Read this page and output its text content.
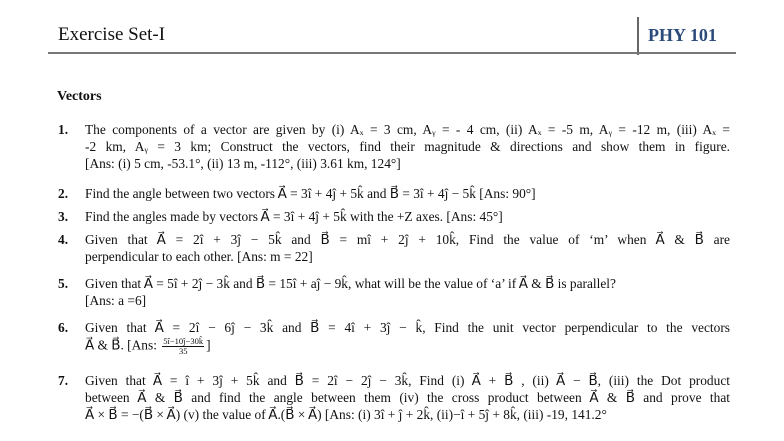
Exercise Set-I	PHY 101
Vectors
1.	The components of a vector are given by (i) Aₓ = 3 cm, Aᵧ = - 4 cm, (ii) Aₓ = -5 m, Aᵧ = -12 m, (iii) Aₓ =
-2 km, Aᵧ = 3 km; Construct the vectors, find their magnitude & directions and show them in figure.
[Ans: (i) 5 cm, -53.1°, (ii) 13 m, -112°, (iii) 3.61 km, 124°]
2.	Find the angle between two vectors A⃗ = 3î + 4ĵ + 5k̂ and B⃗ = 3î + 4ĵ − 5k̂ [Ans: 90°]
3.	Find the angles made by vectors A⃗ = 3î + 4ĵ + 5k̂ with the +Z axes. [Ans: 45°]
4.	Given that A⃗ = 2î + 3ĵ − 5k̂ and B⃗ = mî + 2ĵ + 10k̂, Find the value of ‘m’ when A⃗ & B⃗ are
perpendicular to each other. [Ans: m = 22]
5.	Given that A⃗ = 5î + 2ĵ − 3k̂ and B⃗ = 15î + aĵ − 9k̂, what will be the value of ‘a’ if A⃗ & B⃗ is parallel?
[Ans: a =6]
6.	Given that A⃗ = 2î − 6ĵ − 3k̂ and B⃗ = 4î + 3ĵ − k̂, Find the unit vector perpendicular to the vectors
A⃗ & B⃗. [Ans: $\frac{5î-10ĵ-30k̂}{35}$ ]
7.	Given that A⃗ = î + 3ĵ + 5k̂ and B⃗ = 2î − 2ĵ − 3k̂, Find (i) A⃗ + B⃗ , (ii) A⃗ − B⃗, (iii) the Dot product
between A⃗ & B⃗ and find the angle between them (iv) the cross product between A⃗ & B⃗ and prove that
A⃗ × B⃗ = −(B⃗ × A⃗) (v) the value of A⃗.(B⃗ × A⃗) [Ans: (i) 3î + ĵ + 2k̂, (ii)−î + 5ĵ + 8k̂, (iii) -19, 141.2°
